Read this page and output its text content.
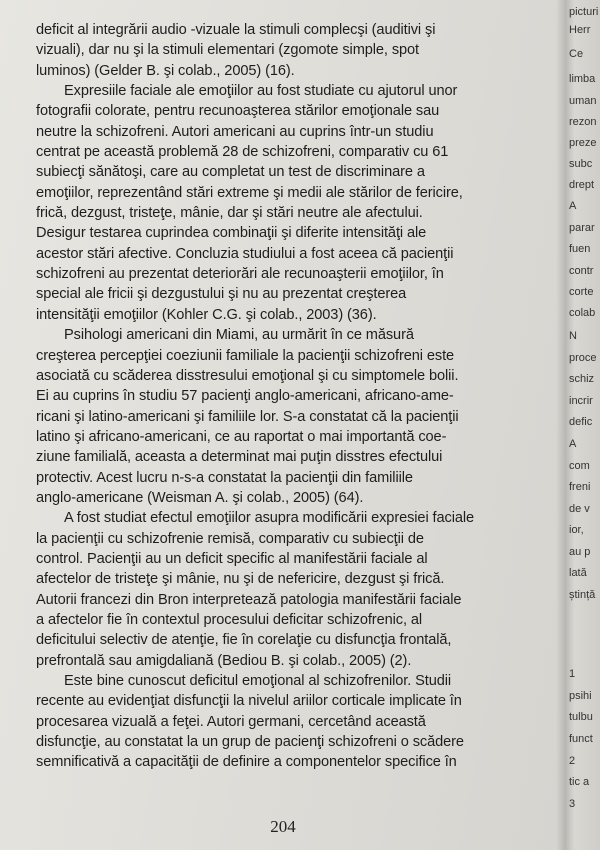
deficit al integrării audio -vizuale la stimuli complecşi (auditivi şi
vizuali), dar nu şi la stimuli elementari (zgomote simple, spot
luminos) (Gelder B. şi colab., 2005) (16).

Expresiile faciale ale emoţiilor au fost studiate cu ajutorul unor
fotografii colorate, pentru recunoaşterea stărilor emoţionale sau
neutre la schizofreni. Autori americani au cuprins într-un studiu
centrat pe această problemă 28 de schizofreni, comparativ cu 61
subiecţi sănătoşi, care au completat un test de discriminare a
emoţiilor, reprezentând stări extreme şi medii ale stărilor de fericire,
frică, dezgust, tristeţe, mânie, dar şi stări neutre ale afectului.
Desigur testarea cuprindea combinaţii şi diferite intensităţi ale
acestor stări afective. Concluzia studiului a fost aceea că pacienţii
schizofreni au prezentat deteriorări ale recunoaşterii emoţiilor, în
special ale fricii şi dezgustului şi nu au prezentat creşterea
intensităţii emoţiilor (Kohler C.G. şi colab., 2003) (36).

Psihologi americani din Miami, au urmărit în ce măsură
creşterea percepţiei coeziunii familiale la pacienţii schizofreni este
asociată cu scăderea disstresului emoţional şi cu simptomele bolii.
Ei au cuprins în studiu 57 pacienţi anglo-americani, africano-ame-
ricani şi latino-americani şi familiile lor. S-a constatat că la pacienţii
latino şi africano-americani, ce au raportat o mai importantă coe-
ziune familială, aceasta a determinat mai puţin disstres efectului
protectiv. Acest lucru n-s-a constatat la pacienţii din familiile
anglo-americane (Weisman A. şi colab., 2005) (64).

A fost studiat efectul emoţiilor asupra modificării expresiei faciale
la pacienţii cu schizofrenie remisă, comparativ cu subiecţii de
control. Pacienţii au un deficit specific al manifestării faciale al
afectelor de tristeţe şi mânie, nu şi de nefericire, dezgust şi frică.
Autorii francezi din Bron interpretează patologia manifestării faciale
a afectelor fie în contextul procesului deficitar schizofrenic, al
deficitului selectiv de atenţie, fie în corelaţie cu disfuncţia frontală,
prefrontală sau amigdaliană (Bediou B. şi colab., 2005) (2).

Este bine cunoscut deficitul emoţional al schizofrenilor. Studii
recente au evidenţiat disfuncţii la nivelul ariilor corticale implicate în
procesarea vizuală a feţei. Autori germani, cercetând această
disfuncţie, au constatat la un grup de pacienţi schizofreni o scădere
semnificativă a capacităţii de definire a componentelor specifice în

204
picturi
Herr
Ce
limba
uman
rezon
preze
subc
drept
A
parar
fuen
contr
corte
colab
N
proce
schiz
incrir
defic
A
com
freni
de v
ior,
au p
lată
ștință
1
psihi
tulbu
funct
2
tic a
3
